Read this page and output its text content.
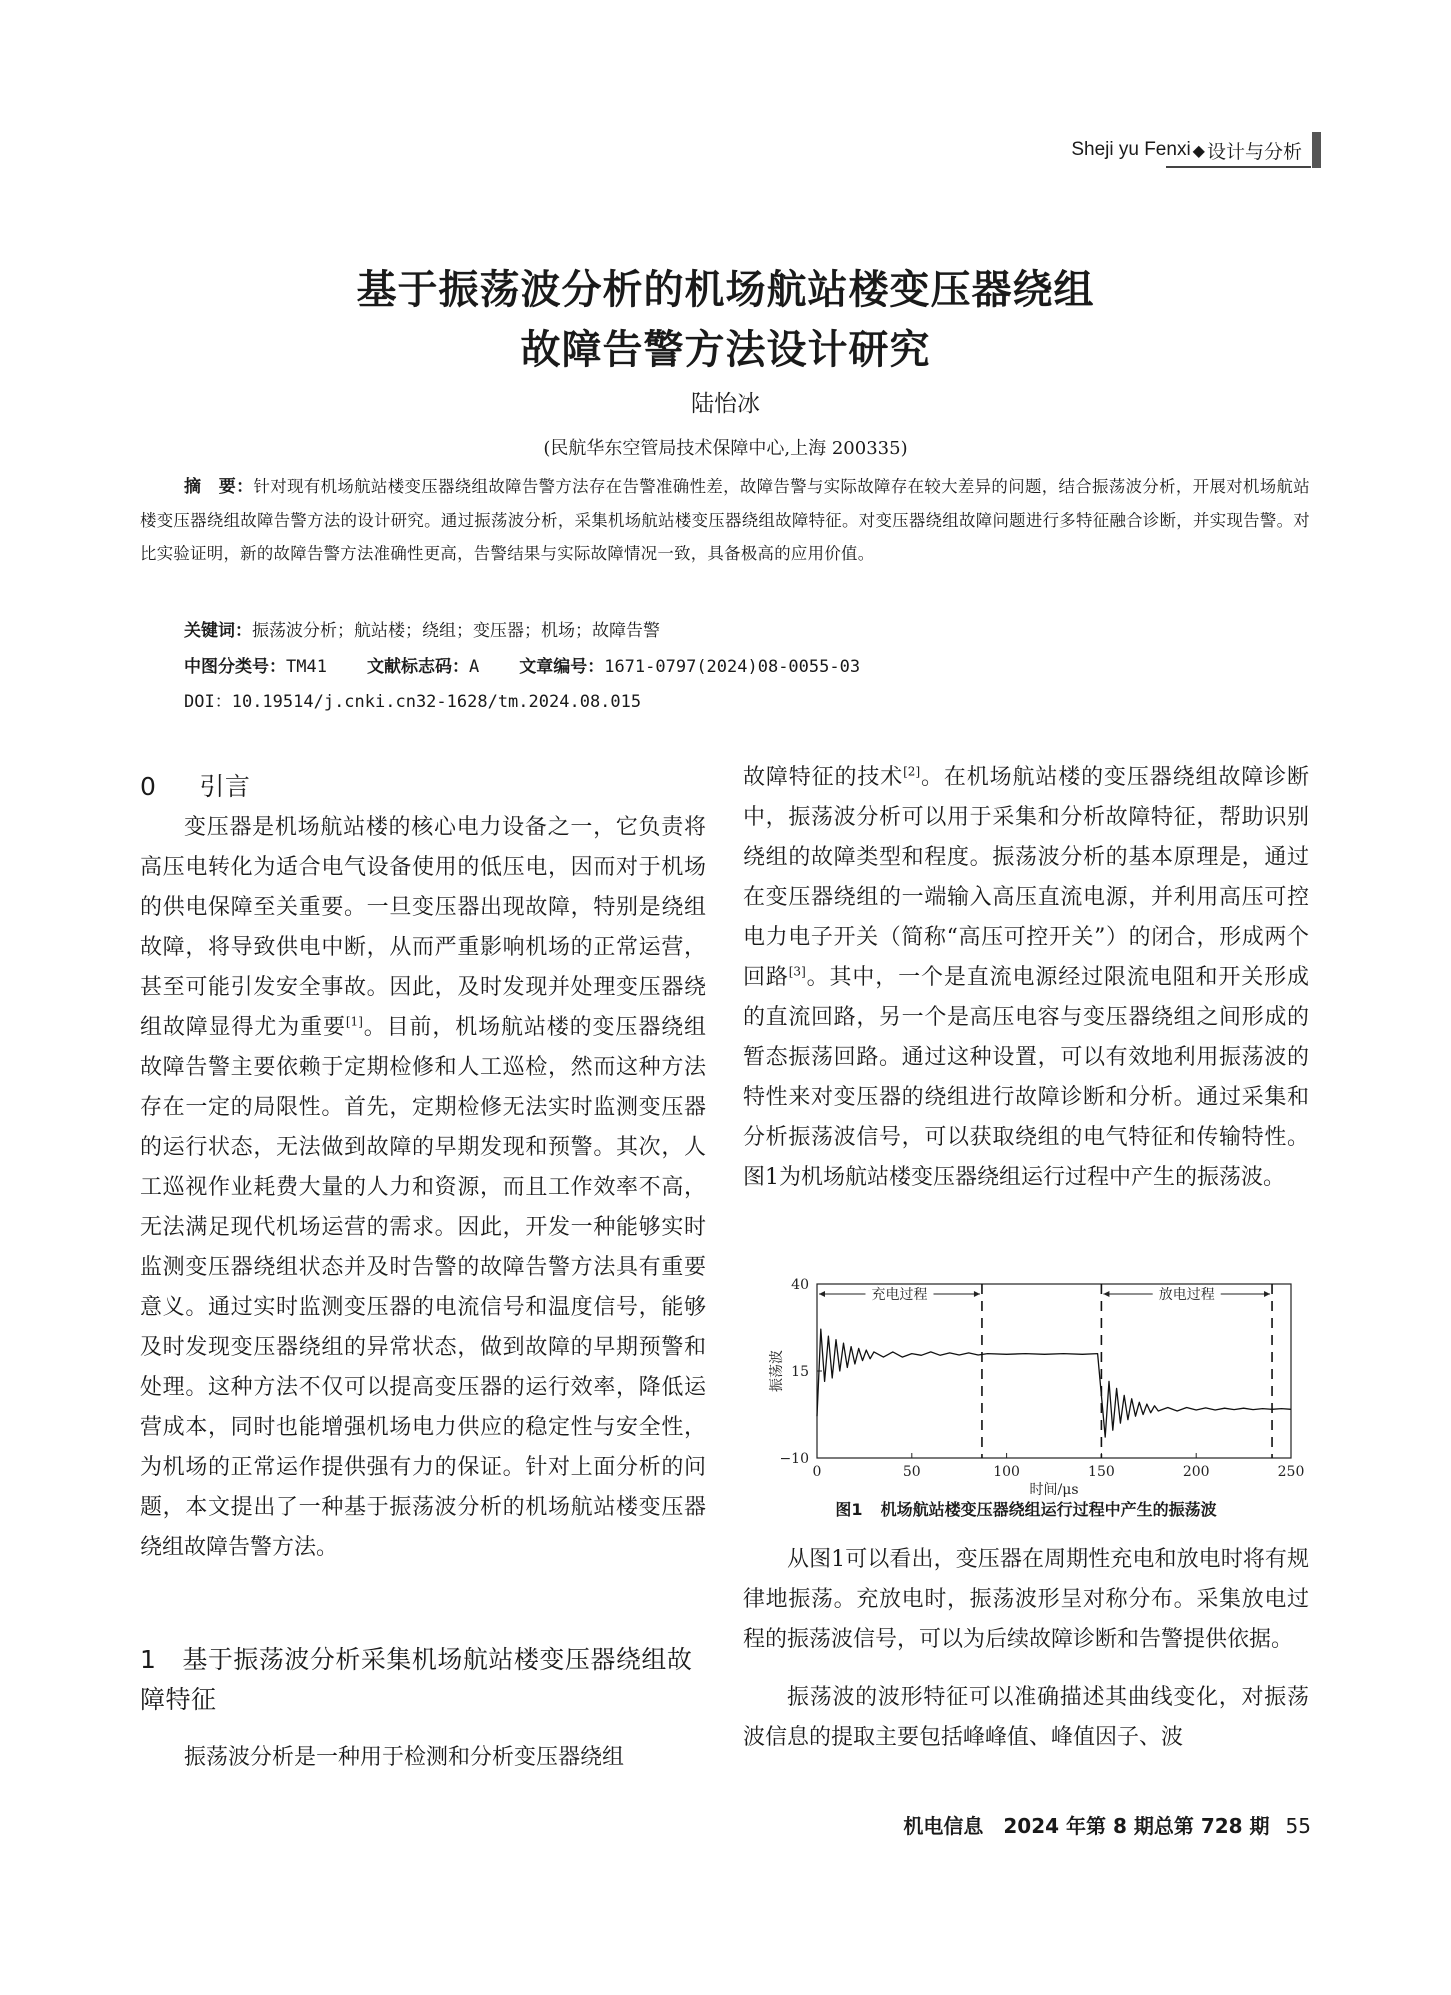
Sheji yu Fenxi ◆ 设计与分析
基于振荡波分析的机场航站楼变压器绕组
故障告警方法设计研究
陆怡冰
(民航华东空管局技术保障中心,上海 200335)

摘　要：针对现有机场航站楼变压器绕组故障告警方法存在告警准确性差，故障告警与实际故障存在较大差异的问题，结合振荡波分析，开展对机场航站楼变压器绕组故障告警方法的设计研究。通过振荡波分析，采集机场航站楼变压器绕组故障特征。对变压器绕组故障问题进行多特征融合诊断，并实现告警。对比实验证明，新的故障告警方法准确性更高，告警结果与实际故障情况一致，具备极高的应用价值。

关键词：振荡波分析；航站楼；绕组；变压器；机场；故障告警
中图分类号：TM41 文献标志码：A 文章编号：1671-0797(2024)08-0055-03
DOI：10.19514/j.cnki.cn32-1628/tm.2024.08.015
0 引言

变压器是机场航站楼的核心电力设备之一，它负责将高压电转化为适合电气设备使用的低压电，因而对于机场的供电保障至关重要。一旦变压器出现故障，特别是绕组故障，将导致供电中断，从而严重影响机场的正常运营，甚至可能引发安全事故。因此，及时发现并处理变压器绕组故障显得尤为重要[1]。目前，机场航站楼的变压器绕组故障告警主要依赖于定期检修和人工巡检，然而这种方法存在一定的局限性。首先，定期检修无法实时监测变压器的运行状态，无法做到故障的早期发现和预警。其次，人工巡视作业耗费大量的人力和资源，而且工作效率不高，无法满足现代机场运营的需求。因此，开发一种能够实时监测变压器绕组状态并及时告警的故障告警方法具有重要意义。通过实时监测变压器的电流信号和温度信号，能够及时发现变压器绕组的异常状态，做到故障的早期预警和处理。这种方法不仅可以提高变压器的运行效率，降低运营成本，同时也能增强机场电力供应的稳定性与安全性，为机场的正常运作提供强有力的保证。针对上面分析的问题，本文提出了一种基于振荡波分析的机场航站楼变压器绕组故障告警方法。

1 基于振荡波分析采集机场航站楼变压器绕组故障特征

振荡波分析是一种用于检测和分析变压器绕组

故障特征的技术[2]。在机场航站楼的变压器绕组故障诊断中，振荡波分析可以用于采集和分析故障特征，帮助识别绕组的故障类型和程度。振荡波分析的基本原理是，通过在变压器绕组的一端输入高压直流电源，并利用高压可控电力电子开关（简称“高压可控开关”）的闭合，形成两个回路[3]。其中，一个是直流电源经过限流电阻和开关形成的直流回路，另一个是高压电容与变压器绕组之间形成的暂态振荡回路。通过这种设置，可以有效地利用振荡波的特性来对变压器的绕组进行故障诊断和分析。通过采集和分析振荡波信号，可以获取绕组的电气特征和传输特性。图1为机场航站楼变压器绕组运行过程中产生的振荡波。

0	50	100	150	200	250
−10
15
40
时间/μs
振荡波
充电过程	放电过程
图1 机场航站楼变压器绕组运行过程中产生的振荡波

从图1可以看出，变压器在周期性充电和放电时将有规律地振荡。充放电时，振荡波形呈对称分布。采集放电过程的振荡波信号，可以为后续故障诊断和告警提供依据。

振荡波的波形特征可以准确描述其曲线变化，对振荡波信息的提取主要包括峰峰值、峰值因子、波

机电信息　2024 年第 8 期总第 728 期 55
